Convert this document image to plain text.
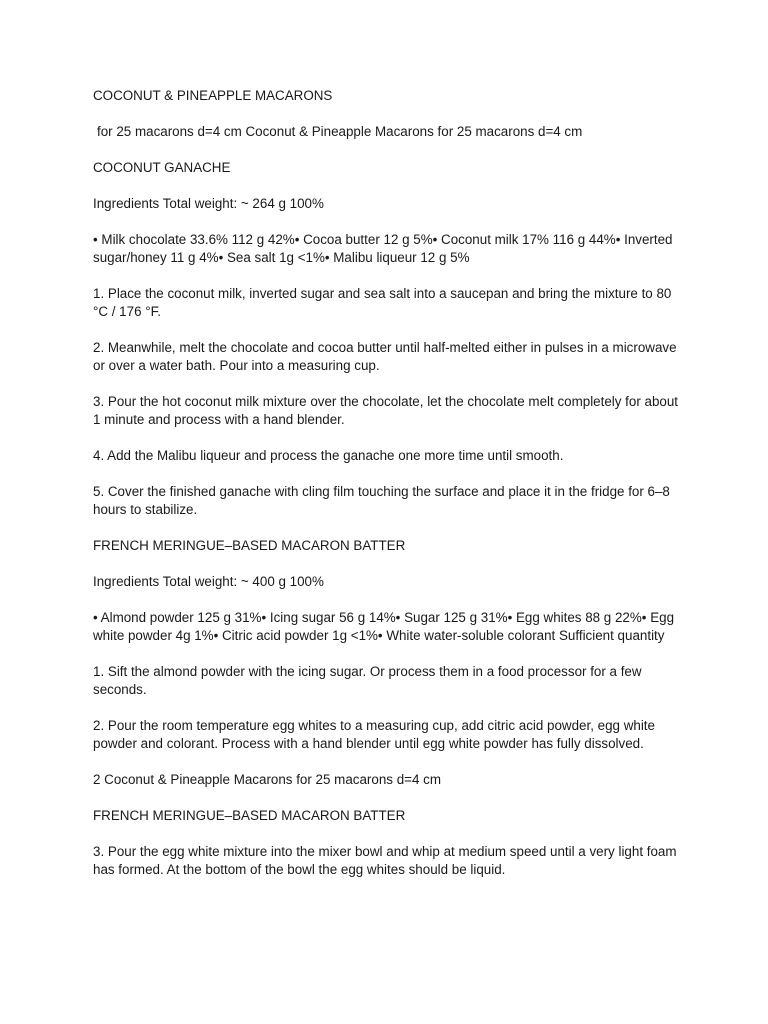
COCONUT & PINEAPPLE MACARONS

for 25 macarons d=4 cm Coconut & Pineapple Macarons for 25 macarons d=4 cm

COCONUT GANACHE

Ingredients Total weight: ~ 264 g 100%

• Milk chocolate 33.6% 112 g 42%• Cocoa butter 12 g 5%• Coconut milk 17% 116 g 44%• Inverted sugar/honey 11 g 4%• Sea salt 1g <1%• Malibu liqueur 12 g 5%

1. Place the coconut milk, inverted sugar and sea salt into a saucepan and bring the mixture to 80 °C / 176 °F.

2. Meanwhile, melt the chocolate and cocoa butter until half-melted either in pulses in a microwave or over a water bath. Pour into a measuring cup.

3. Pour the hot coconut milk mixture over the chocolate, let the chocolate melt completely for about 1 minute and process with a hand blender.

4. Add the Malibu liqueur and process the ganache one more time until smooth.

5. Cover the finished ganache with cling film touching the surface and place it in the fridge for 6–8 hours to stabilize.

FRENCH MERINGUE–BASED MACARON BATTER

Ingredients Total weight: ~ 400 g 100%

• Almond powder 125 g 31%• Icing sugar 56 g 14%• Sugar 125 g 31%• Egg whites 88 g 22%• Egg white powder 4g 1%• Citric acid powder 1g <1%• White water-soluble colorant Sufficient quantity

1. Sift the almond powder with the icing sugar. Or process them in a food processor for a few seconds.

2. Pour the room temperature egg whites to a measuring cup, add citric acid powder, egg white powder and colorant. Process with a hand blender until egg white powder has fully dissolved.

2 Coconut & Pineapple Macarons for 25 macarons d=4 cm

FRENCH MERINGUE–BASED MACARON BATTER

3. Pour the egg white mixture into the mixer bowl and whip at medium speed until a very light foam has formed. At the bottom of the bowl the egg whites should be liquid.
